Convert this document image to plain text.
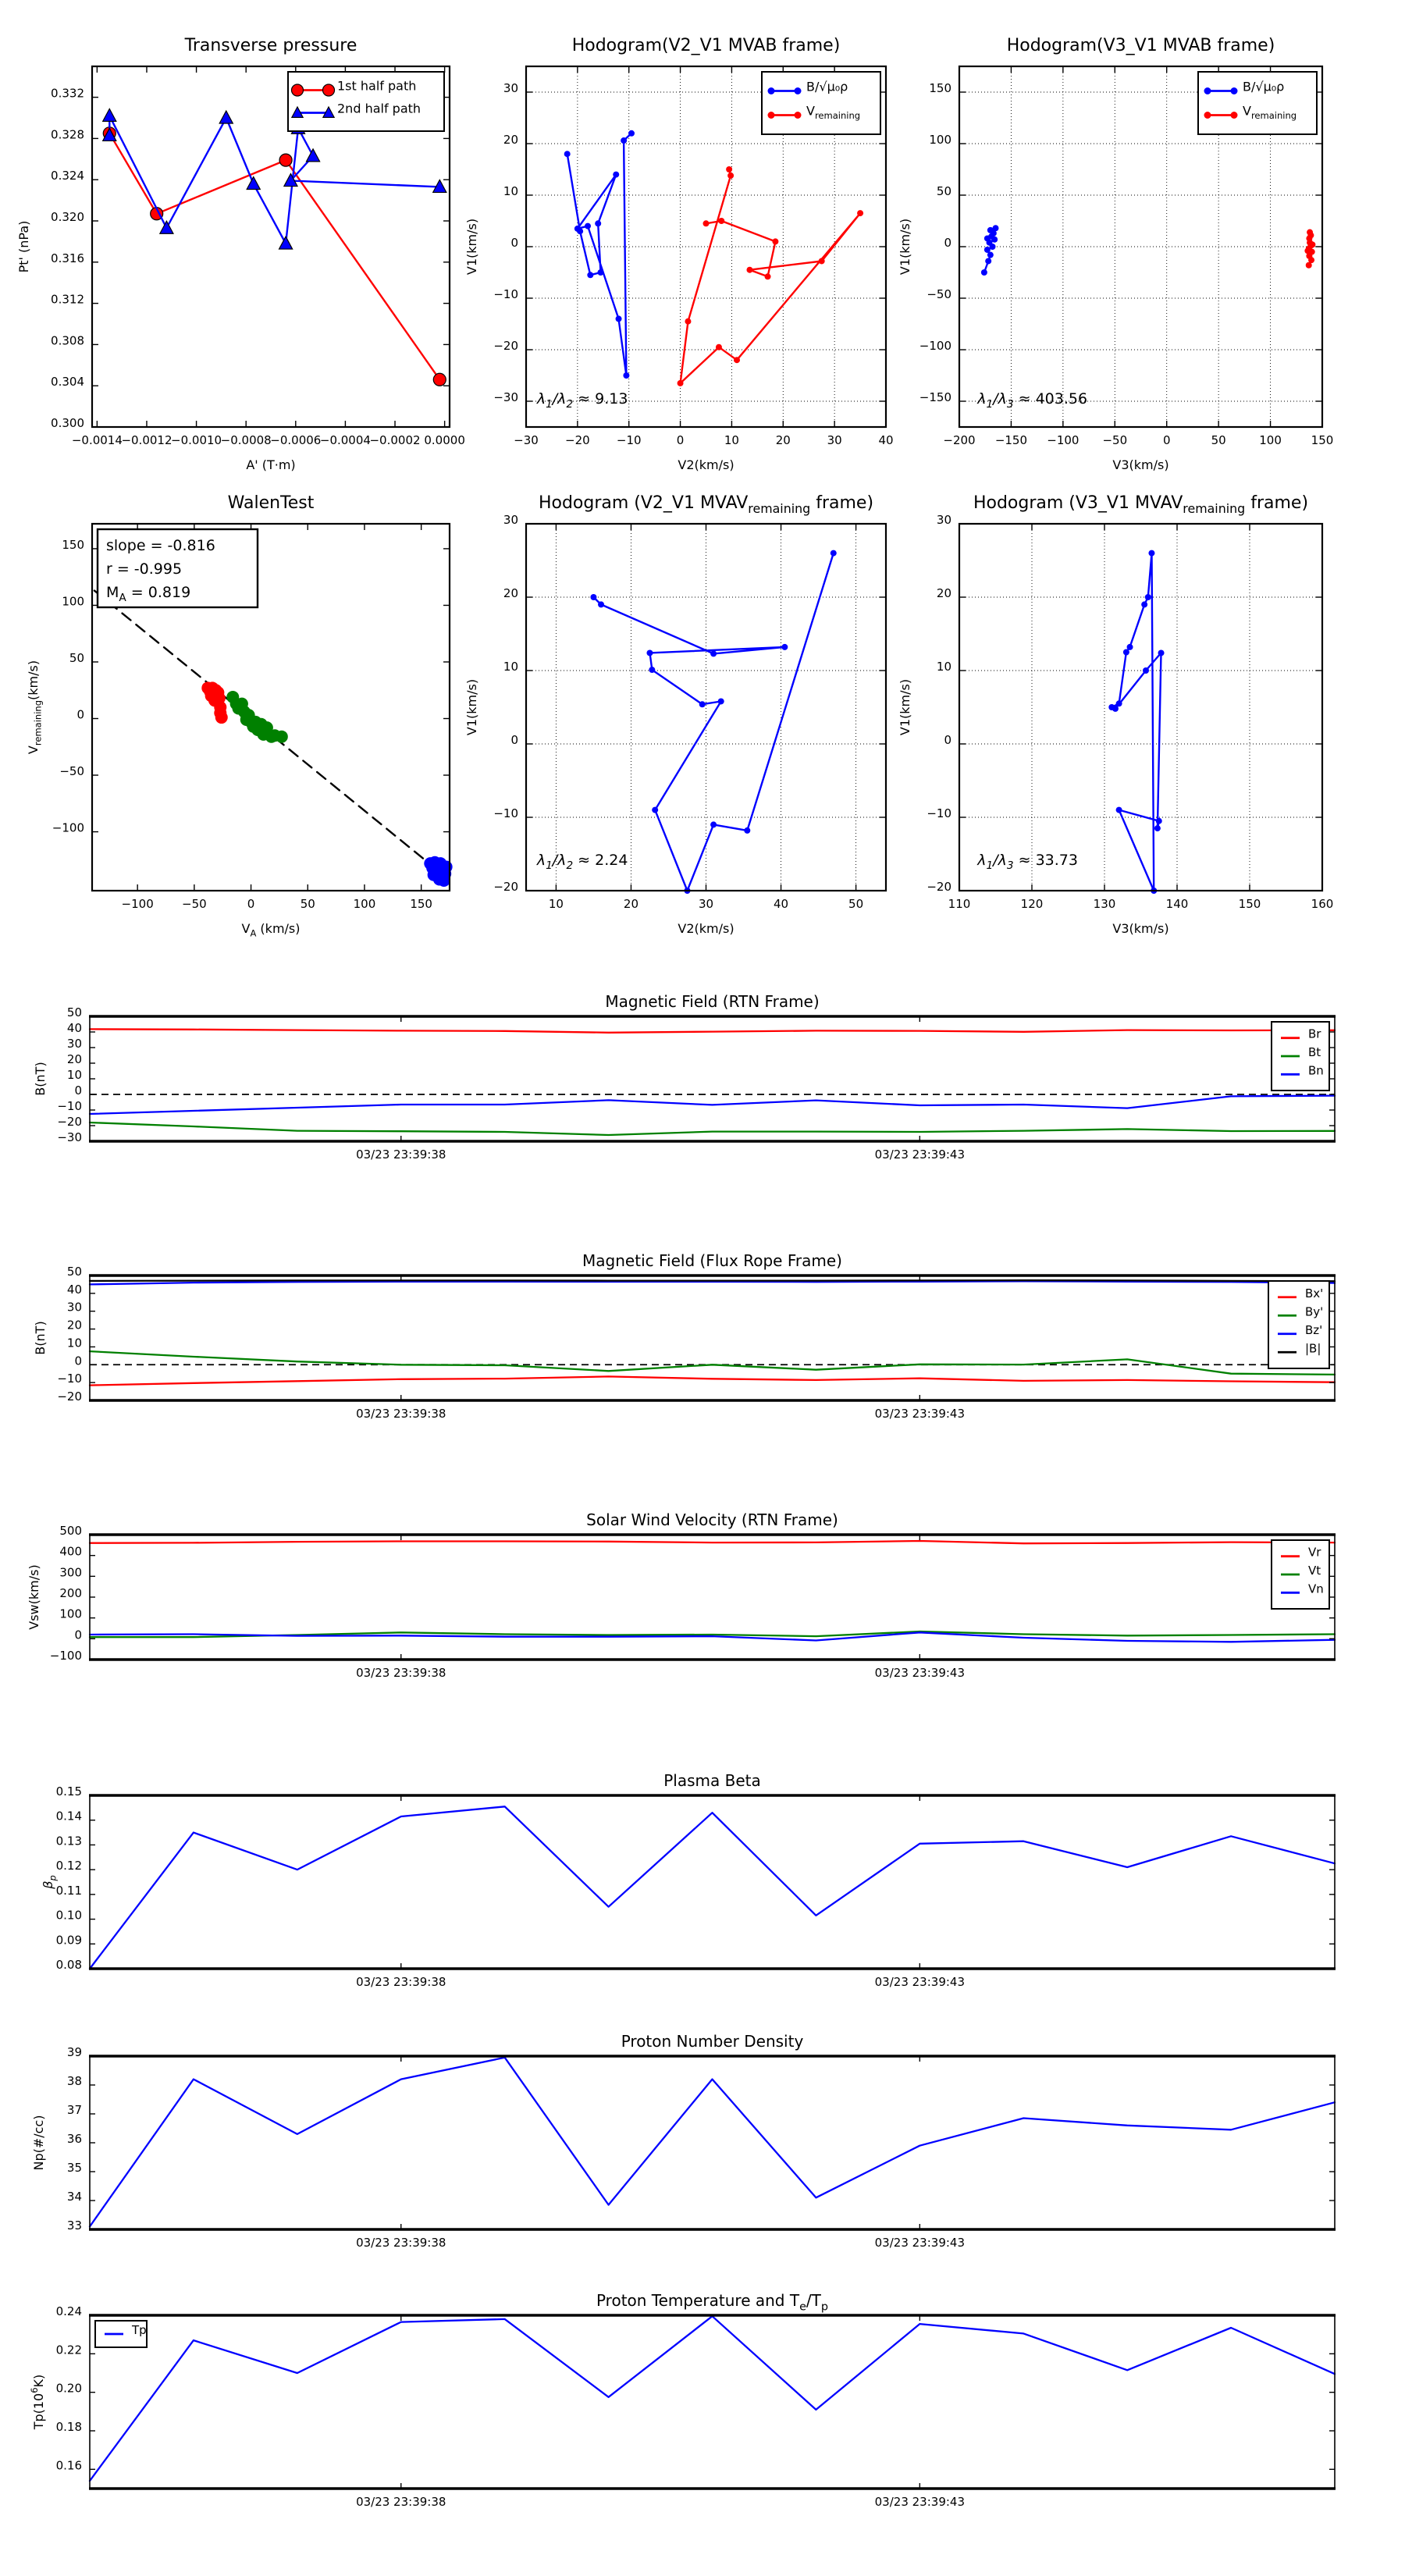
−0.0014
−0.0012
−0.0010
−0.0008
−0.0006
−0.0004
−0.0002 0.0000
0.300
0.304
0.308
0.312
0.316
0.320
0.324
0.328
0.332
Transverse pressure
A' (T·m)
Pt' (nPa)
1st half path
2nd half path
−30 −20 −10	0	10	20	30	40
−30
−20
−10
0
10
20
30
Hodogram(V2_V1 MVAB frame)
V2(km/s)
V1(km/s)
B/√μ₀ρ
$V_{remaining}$
$\lambda_1/\lambda_2 \approx 9.13$
−200 −150 −100 −50	0	50	100	150
−150
−100
−50
0
50
100
150
Hodogram(V3_V1 MVAB frame)
V3(km/s)
V1(km/s)
B/√μ₀ρ
$V_{remaining}$
$\lambda_1/\lambda_3 \approx 403.56$
−100 −50	0	50	100	150
−100
−50
0
50
100
150
WalenTest
$V_A$ (km/s)
$V_{remaining}(km/s)$
slope = -0.816
r = -0.995
$M_A = 0.819$
10	20	30	40	50
−20
−10
0
10
20
30
Hodogram (V2_V1 $MVAV_{remaining}$ frame)
V2(km/s)
V1(km/s)
$\lambda_1/\lambda_2 \approx 2.24$
110	120	130	140	150	160
−20
−10
0
10
20
30
Hodogram (V3_V1 $MVAV_{remaining}$ frame)
V3(km/s)
V1(km/s)
$\lambda_1/\lambda_3 \approx 33.73$
03/23 23:39:38	03/23 23:39:43
−30
−20
−10
0
10
20
30
40
50
Magnetic Field (RTN Frame)
B(nT)
Br
Bt
Bn
03/23 23:39:38	03/23 23:39:43
−20
−10
0
10
20
30
40
50
Magnetic Field (Flux Rope Frame)
B(nT)
Bx'
By'
Bz'
|B|
03/23 23:39:38	03/23 23:39:43
−100
0
100
200
300
400
500
Solar Wind Velocity (RTN Frame)
Vsw(km/s)
Vr
Vt
Vn
03/23 23:39:38	03/23 23:39:43
0.08
0.09
0.10
0.11
0.12
0.13
0.14
0.15
Plasma Beta
$\beta_p$
03/23 23:39:38	03/23 23:39:43
33
34
35
36
37
38
39
Proton Number Density
Np(#/cc)
03/23 23:39:38	03/23 23:39:43
0.16
0.18
0.20
0.22
0.24
Proton Temperature and $T_e/T_p$
$Tp(10^6K)$
Tp
